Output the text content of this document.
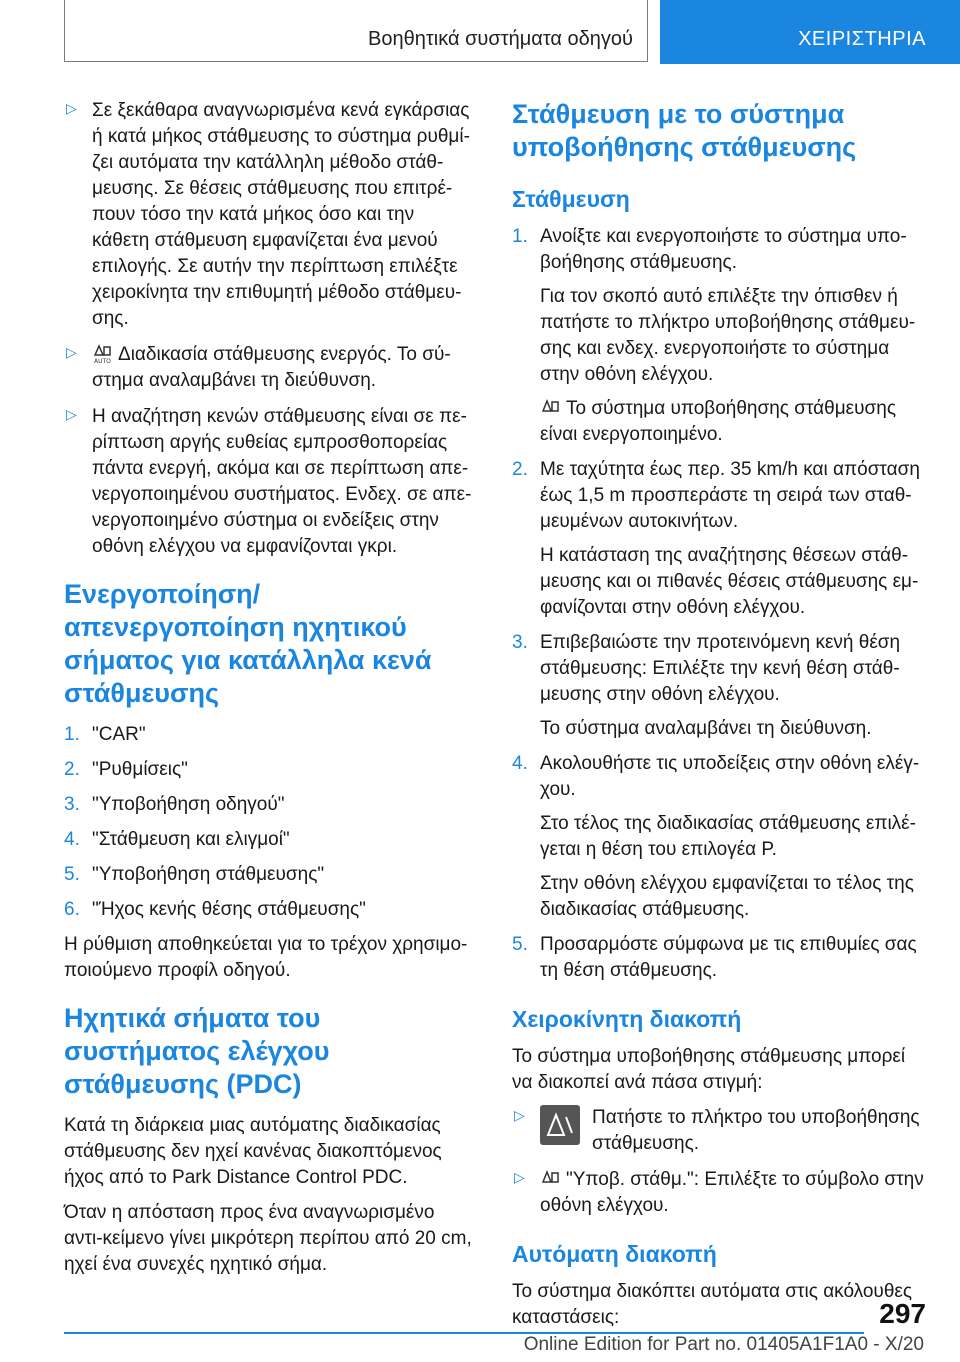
Βοηθητικά συστήματα οδηγού	ΧΕΙΡΙΣΤΗΡΙΑ
▷ Σε ξεκάθαρα αναγνωρισμένα κενά εγκάρσιας ή κατά μήκος στάθμευσης το σύστημα ρυθμί-ζει αυτόματα την κατάλληλη μέθοδο στάθ-μευσης. Σε θέσεις στάθμευσης που επιτρέ-πουν τόσο την κατά μήκος όσο και την κάθετη στάθμευση εμφανίζεται ένα μενού επιλογής. Σε αυτήν την περίπτωση επιλέξτε χειροκίνητα την επιθυμητή μέθοδο στάθμευ-σης.

▷

AUTO Διαδικασία στάθμευσης ενεργός. Το σύ-στημα αναλαμβάνει τη διεύθυνση.

▷ Η αναζήτηση κενών στάθμευσης είναι σε πε-ρίπτωση αργής ευθείας εμπροσθοπορείας πάντα ενεργή, ακόμα και σε περίπτωση απε-νεργοποιημένου συστήματος. Ενδεχ. σε απε-νεργοποιημένο σύστημα οι ενδείξεις στην οθόνη ελέγχου να εμφανίζονται γκρι.

Ενεργοποίηση/απενεργοποίηση ηχητικού σήματος για κατάλληλα κενά στάθμευσης
1. "CAR"

2. "Ρυθμίσεις"

3. "Υποβοήθηση οδηγού"

4. "Στάθμευση και ελιγμοί"

5. "Υποβοήθηση στάθμευσης"

6. "Ήχος κενής θέσης στάθμευσης"

Η ρύθμιση αποθηκεύεται για το τρέχον χρησιμο-ποιούμενο προφίλ οδηγού.

Ηχητικά σήματα του συστήματος ελέγχου στάθμευσης (PDC)

Κατά τη διάρκεια μιας αυτόματης διαδικασίας στάθμευσης δεν ηχεί κανένας διακοπτόμενος ήχος από το Park Distance Control PDC.

Όταν η απόσταση προς ένα αναγνωρισμένο αντι-κείμενο γίνει μικρότερη περίπου από 20 cm, ηχεί ένα συνεχές ηχητικό σήμα.

Στάθμευση με το σύστημα υποβοήθησης στάθμευσης
Στάθμευση
1. Ανοίξτε και ενεργοποιήστε το σύστημα υπο-βοήθησης στάθμευσης.

Για τον σκοπό αυτό επιλέξτε την όπισθεν ή πατήστε το πλήκτρο υποβοήθησης στάθμευ-σης και ενδεχ. ενεργοποιήστε το σύστημα στην οθόνη ελέγχου.

Το σύστημα υποβοήθησης στάθμευσης είναι ενεργοποιημένο.

2. Με ταχύτητα έως περ. 35 km/h και απόσταση έως 1,5 m προσπεράστε τη σειρά των σταθ-μευμένων αυτοκινήτων.

Η κατάσταση της αναζήτησης θέσεων στάθ-μευσης και οι πιθανές θέσεις στάθμευσης εμ-φανίζονται στην οθόνη ελέγχου.

3. Επιβεβαιώστε την προτεινόμενη κενή θέση στάθμευσης: Επιλέξτε την κενή θέση στάθ-μευσης στην οθόνη ελέγχου.

Το σύστημα αναλαμβάνει τη διεύθυνση.

4. Ακολουθήστε τις υποδείξεις στην οθόνη ελέγ-χου.

Στο τέλος της διαδικασίας στάθμευσης επιλέ-γεται η θέση του επιλογέα P.

Στην οθόνη ελέγχου εμφανίζεται το τέλος της διαδικασίας στάθμευσης.

5. Προσαρμόστε σύμφωνα με τις επιθυμίες σας τη θέση στάθμευσης.

Χειροκίνητη διακοπή

Το σύστημα υποβοήθησης στάθμευσης μπορεί να διακοπεί ανά πάσα στιγμή:

▷	Πατήστε το πλήκτρο του υποβοήθησης στάθμευσης.

▷	"Υποβ. στάθμ.": Επιλέξτε το σύμβολο στην οθόνη ελέγχου.

Αυτόματη διακοπή

Το σύστημα διακόπτει αυτόματα στις ακόλουθες καταστάσεις:	297
Online Edition for Part no. 01405A1F1A0 - X/20
